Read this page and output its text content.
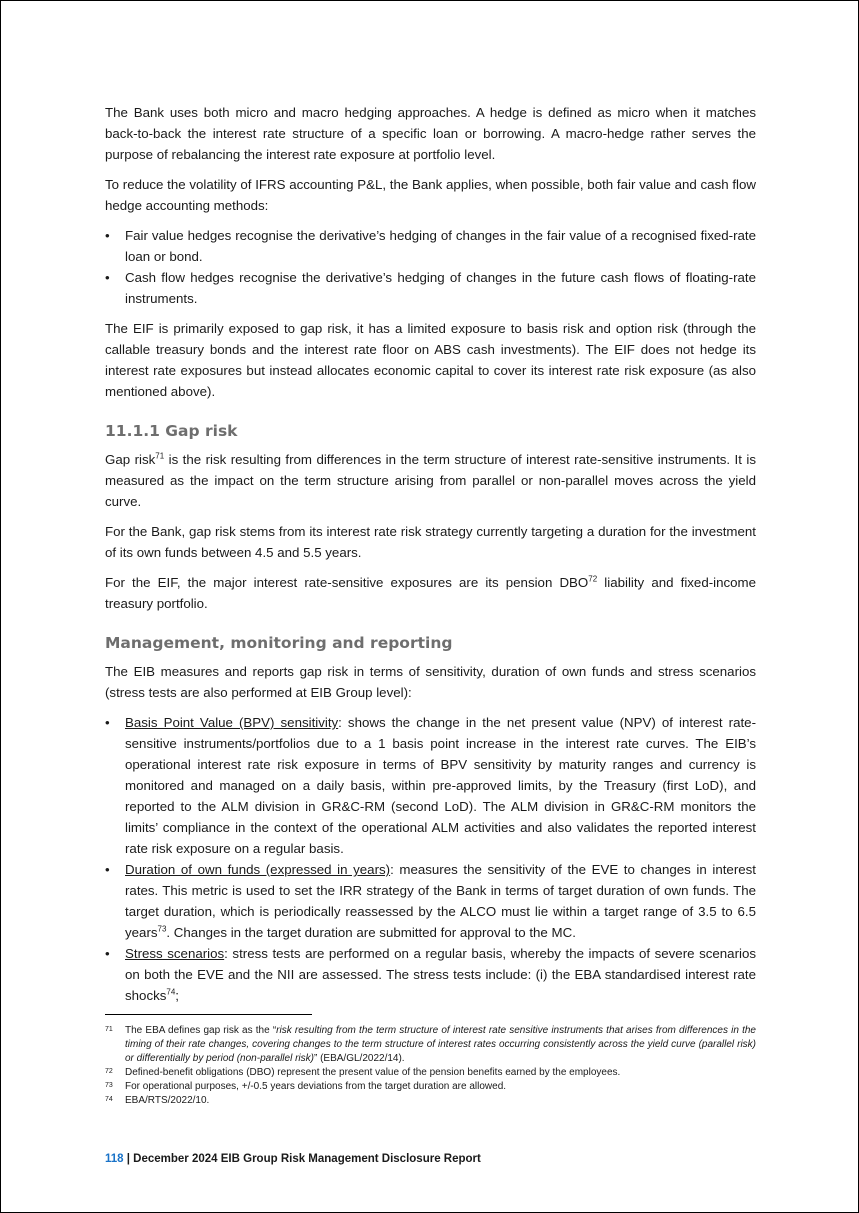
The Bank uses both micro and macro hedging approaches. A hedge is defined as micro when it matches back-to-back the interest rate structure of a specific loan or borrowing. A macro-hedge rather serves the purpose of rebalancing the interest rate exposure at portfolio level.

To reduce the volatility of IFRS accounting P&L, the Bank applies, when possible, both fair value and cash flow hedge accounting methods:

• Fair value hedges recognise the derivative’s hedging of changes in the fair value of a recognised fixed-rate loan or bond.
• Cash flow hedges recognise the derivative’s hedging of changes in the future cash flows of floating-rate instruments.

The EIF is primarily exposed to gap risk, it has a limited exposure to basis risk and option risk (through the callable treasury bonds and the interest rate floor on ABS cash investments). The EIF does not hedge its interest rate exposures but instead allocates economic capital to cover its interest rate risk exposure (as also mentioned above).

11.1.1 Gap risk

Gap risk$^{71}$ is the risk resulting from differences in the term structure of interest rate-sensitive instruments. It is measured as the impact on the term structure arising from parallel or non-parallel moves across the yield curve.

For the Bank, gap risk stems from its interest rate risk strategy currently targeting a duration for the investment of its own funds between 4.5 and 5.5 years.

For the EIF, the major interest rate-sensitive exposures are its pension DBO$^{72}$ liability and fixed-income treasury portfolio.

Management, monitoring and reporting

The EIB measures and reports gap risk in terms of sensitivity, duration of own funds and stress scenarios (stress tests are also performed at EIB Group level):

• Basis Point Value (BPV) sensitivity: shows the change in the net present value (NPV) of interest rate-sensitive instruments/portfolios due to a 1 basis point increase in the interest rate curves. The EIB’s operational interest rate risk exposure in terms of BPV sensitivity by maturity ranges and currency is monitored and managed on a daily basis, within pre-approved limits, by the Treasury (first LoD), and reported to the ALM division in GR&C-RM (second LoD). The ALM division in GR&C-RM monitors the limits’ compliance in the context of the operational ALM activities and also validates the reported interest rate risk exposure on a regular basis.
• Duration of own funds (expressed in years): measures the sensitivity of the EVE to changes in interest rates. This metric is used to set the IRR strategy of the Bank in terms of target duration of own funds. The target duration, which is periodically reassessed by the ALCO must lie within a target range of 3.5 to 6.5 years$^{73}$. Changes in the target duration are submitted for approval to the MC.
• Stress scenarios: stress tests are performed on a regular basis, whereby the impacts of severe scenarios on both the EVE and the NII are assessed. The stress tests include: (i) the EBA standardised interest rate shocks$^{74}$;
71 The EBA defines gap risk as the “risk resulting from the term structure of interest rate sensitive instruments that arises from differences in the timing of their rate changes, covering changes to the term structure of interest rates occurring consistently across the yield curve (parallel risk) or differentially by period (non-parallel risk)” (EBA/GL/2022/14).
72 Defined-benefit obligations (DBO) represent the present value of the pension benefits earned by the employees.
73 For operational purposes, +/-0.5 years deviations from the target duration are allowed.
74 EBA/RTS/2022/10.
118 | December 2024 EIB Group Risk Management Disclosure Report
